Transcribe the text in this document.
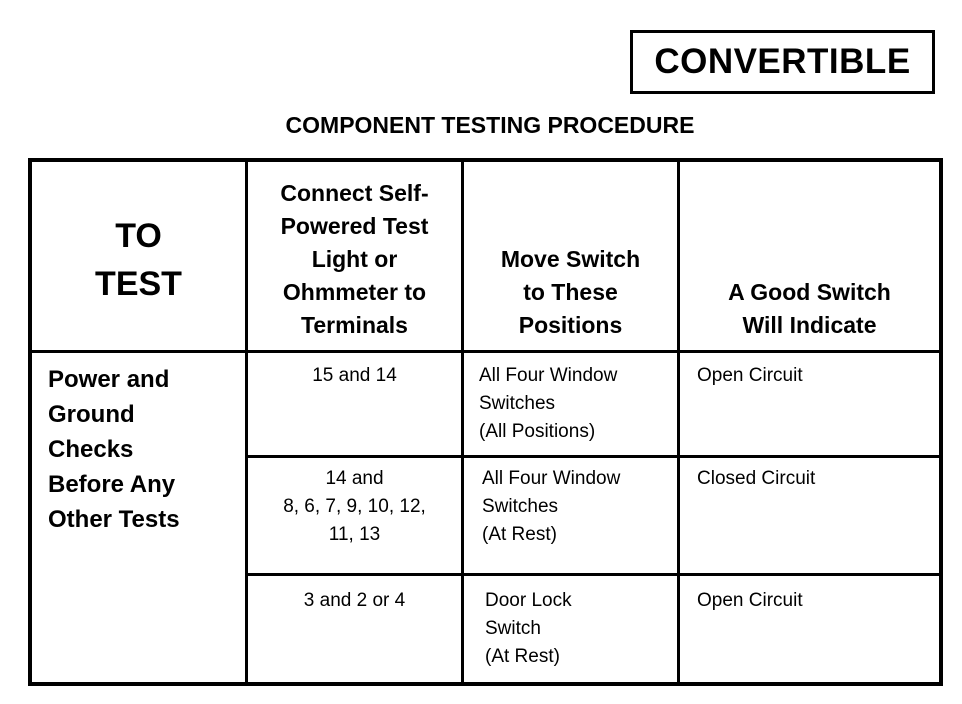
CONVERTIBLE
COMPONENT TESTING PROCEDURE
TO
TEST
Connect Self-
Powered Test
Light or
Ohmmeter to
Terminals
Move Switch
to These
Positions
A Good Switch
Will Indicate
Power and
Ground
Checks
Before Any
Other Tests
15 and 14	All Four Window
Switches
(All Positions)
Open Circuit
14 and
8, 6, 7, 9, 10, 12,
11, 13
All Four Window
Switches
(At Rest)
Closed Circuit
3 and 2 or 4	Door Lock
Switch
(At Rest)
Open Circuit
